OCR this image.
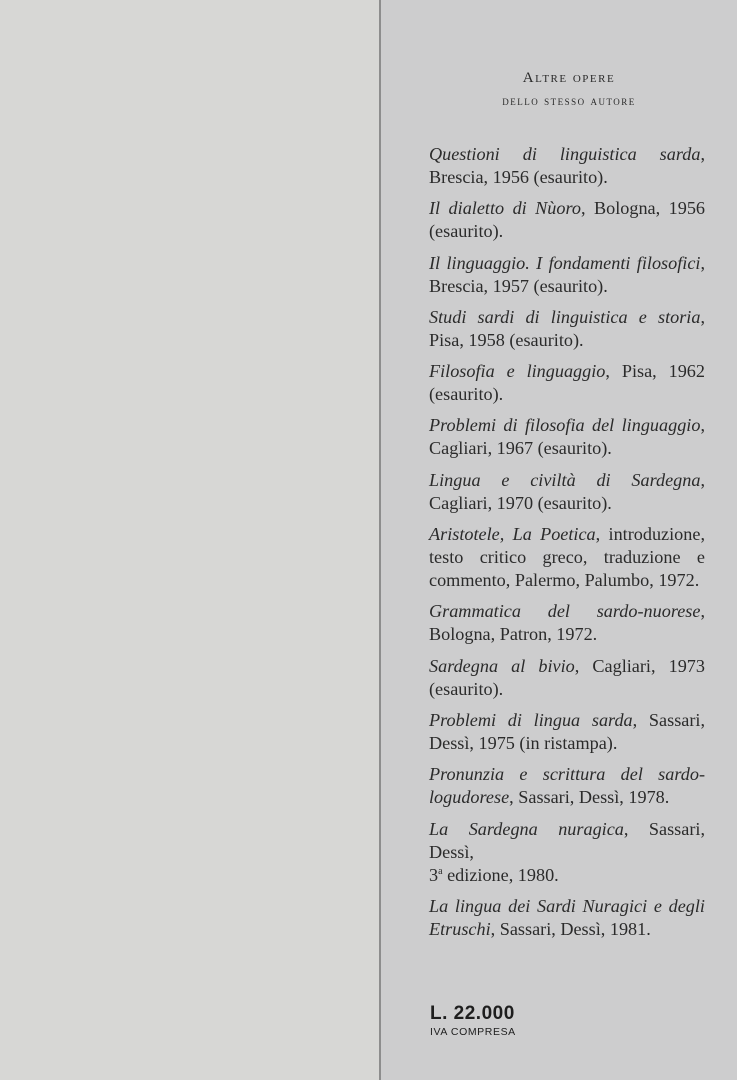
Altre opere
dello stesso autore
Questioni di linguistica sarda, Brescia, 1956 (esaurito).
Il dialetto di Nùoro, Bologna, 1956 (esaurito).
Il linguaggio. I fondamenti filosofici, Brescia, 1957 (esaurito).
Studi sardi di linguistica e storia, Pisa, 1958 (esaurito).
Filosofia e linguaggio, Pisa, 1962 (esaurito).
Problemi di filosofia del linguaggio, Cagliari, 1967 (esaurito).
Lingua e civiltà di Sardegna, Cagliari, 1970 (esaurito).
Aristotele, La Poetica, introduzione, testo critico greco, traduzione e commento, Palermo, Palumbo, 1972.
Grammatica del sardo-nuorese, Bologna, Patron, 1972.
Sardegna al bivio, Cagliari, 1973 (esaurito).
Problemi di lingua sarda, Sassari, Dessì, 1975 (in ristampa).
Pronunzia e scrittura del sardo-logudorese, Sassari, Dessì, 1978.
La Sardegna nuragica, Sassari, Dessì,
3$^a$ edizione, 1980.
La lingua dei Sardi Nuragici e degli Etruschi, Sassari, Dessì, 1981.
L. 22.000
IVA COMPRESA
